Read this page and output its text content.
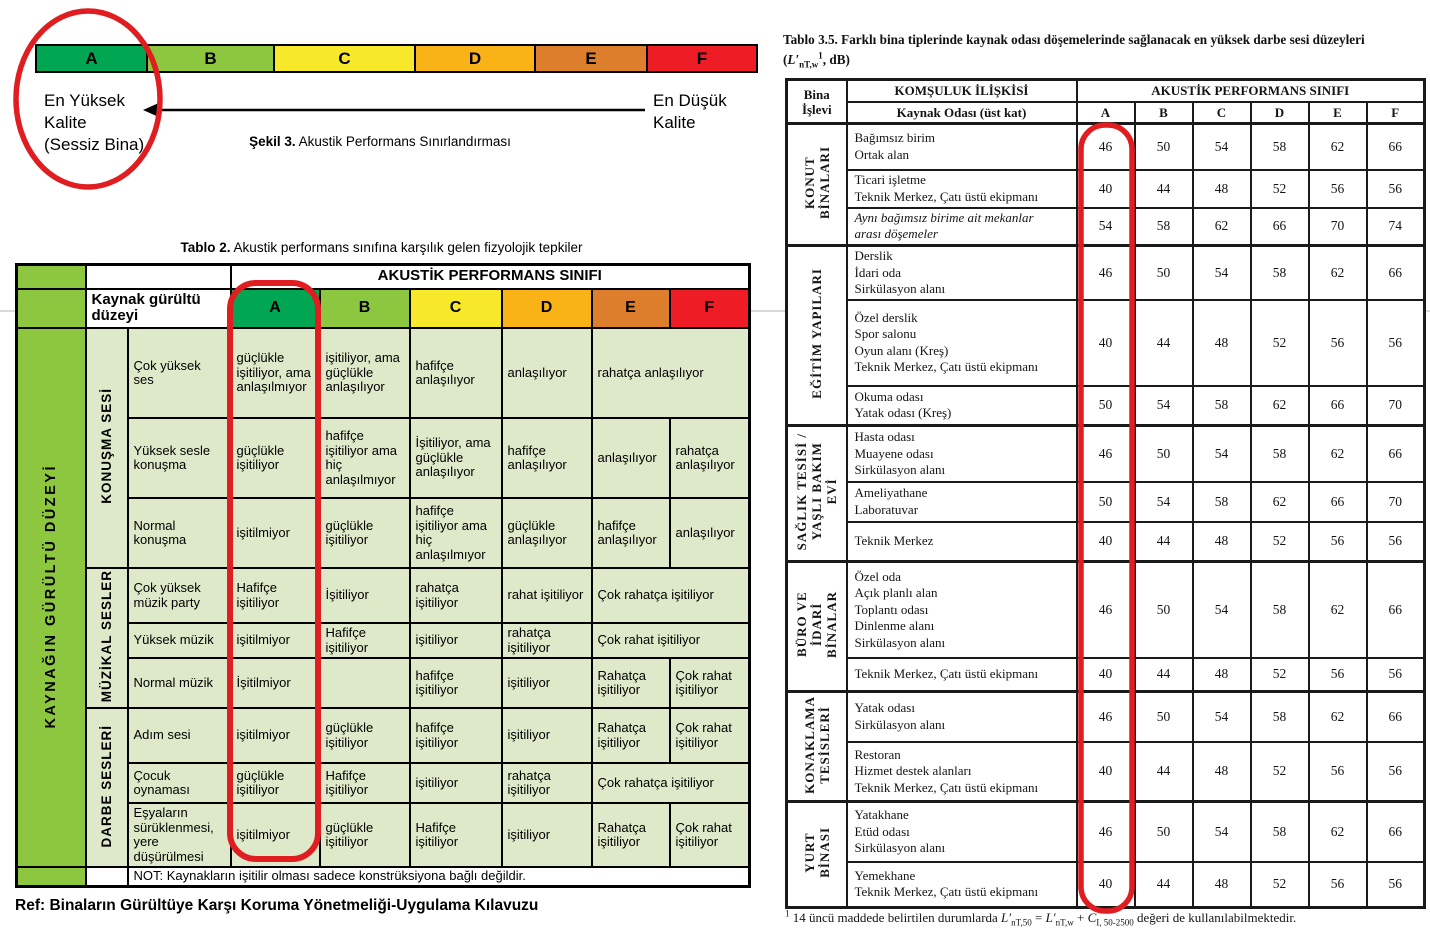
A	B	C	D	E	F
En Yüksek
Kalite
(Sessiz Bina)
En Düşük
Kalite
Şekil 3. Akustik Performans Sınırlandırması
Tablo 2. Akustik performans sınıfına karşılık gelen fizyolojik tepkiler
			AKUSTİK PERFORMANS SINIFI					
	Kaynak gürültü düzeyi		A	B	C	D	E	F
KAYNAĞIN GÜRÜLTÜ DÜZEYİ	KONUŞMA SESİ	Çok yüksek ses	güçlükle işitiliyor, ama anlaşılmıyor	işitiliyor, ama güçlükle anlaşılıyor	hafifçe anlaşılıyor	anlaşılıyor	rahatça anlaşılıyor	
		Yüksek sesle konuşma	güçlükle işitiliyor	hafifçe işitiliyor ama hiç anlaşılmıyor	İşitiliyor, ama güçlükle anlaşılıyor	hafifçe anlaşılıyor	anlaşılıyor	rahatça anlaşılıyor
		Normal konuşma	işitilmiyor	güçlükle işitiliyor	hafifçe işitiliyor ama hiç anlaşılmıyor	güçlükle anlaşılıyor	hafifçe anlaşılıyor	anlaşılıyor
	MÜZİKAL SESLER	Çok yüksek müzik party	Hafifçe işitiliyor	İşitiliyor	rahatça işitiliyor	rahat işitiliyor	Çok rahatça işitiliyor	
		Yüksek müzik	işitilmiyor	Hafifçe işitiliyor	işitiliyor	rahatça işitiliyor	Çok rahat işitiliyor	
		Normal müzik	İşitilmiyor		hafifçe işitiliyor	işitiliyor	Rahatça işitiliyor	Çok rahat işitiliyor
	DARBE SESLERİ	Adım sesi	işitilmiyor	güçlükle işitiliyor	hafifçe işitiliyor	işitiliyor	Rahatça işitiliyor	Çok rahat işitiliyor
		Çocuk oynaması	güçlükle işitiliyor	Hafifçe işitiliyor	işitiliyor	rahatça işitiliyor	Çok rahatça işitiliyor	
		Eşyaların sürüklenmesi, yere düşürülmesi	işitilmiyor	güçlükle işitiliyor	Hafifçe işitiliyor	işitiliyor	Rahatça işitiliyor	Çok rahat işitiliyor
		NOT: Kaynakların işitilir olması sadece konstrüksiyona bağlı değildir.						
Ref: Binaların Gürültüye Karşı Koruma Yönetmeliği-Uygulama Kılavuzu
Tablo 3.5. Farklı bina tiplerinde kaynak odası döşemelerinde sağlanacak en yüksek darbe sesi düzeyleri
($L'_{nT,w}^1$, dB)
Bina
İşlevi	KOMŞULUK İLİŞKİSİ	AKUSTİK PERFORMANS SINIFI					
	Kaynak Odası (üst kat)	A	B	C	D	E	F
KONUT
BİNALARI	Bağımsız birim
Ortak alan	46	50	54	58	62	66
	Ticari işletme
Teknik Merkez, Çatı üstü ekipmanı	40	44	48	52	56	56
	Aynı bağımsız birime ait mekanlar
arası döşemeler	54	58	62	66	70	74
EĞİTİM YAPILARI	Derslik
İdari oda
Sirkülasyon alanı	46	50	54	58	62	66
	Özel derslik
Spor salonu
Oyun alanı (Kreş)
Teknik Merkez, Çatı üstü ekipmanı	40	44	48	52	56	56
	Okuma odası
Yatak odası (Kreş)	50	54	58	62	66	70
SAĞLIK TESİSİ /
YAŞLI BAKIM
EVİ	Hasta odası
Muayene odası
Sirkülasyon alanı	46	50	54	58	62	66
	Ameliyathane
Laboratuvar	50	54	58	62	66	70
	Teknik Merkez	40	44	48	52	56	56
BÜRO VE
İDARİ
BİNALAR	Özel oda
Açık planlı alan
Toplantı odası
Dinlenme alanı
Sirkülasyon alanı	46	50	54	58	62	66
	Teknik Merkez, Çatı üstü ekipmanı	40	44	48	52	56	56
KONAKLAMA
TESİSLERİ	Yatak odası
Sirkülasyon alanı	46	50	54	58	62	66
	Restoran
Hizmet destek alanları
Teknik Merkez, Çatı üstü ekipmanı	40	44	48	52	56	56
YURT
BİNASI	Yatakhane
Etüd odası
Sirkülasyon alanı	46	50	54	58	62	66
	Yemekhane
Teknik Merkez, Çatı üstü ekipmanı	40	44	48	52	56	56
$^1$ 14 üncü maddede belirtilen durumlarda $L'_{nT,50} = L'_{nT,w} + C_{I, 50-2500}$ değeri de kullanılabilmektedir.
